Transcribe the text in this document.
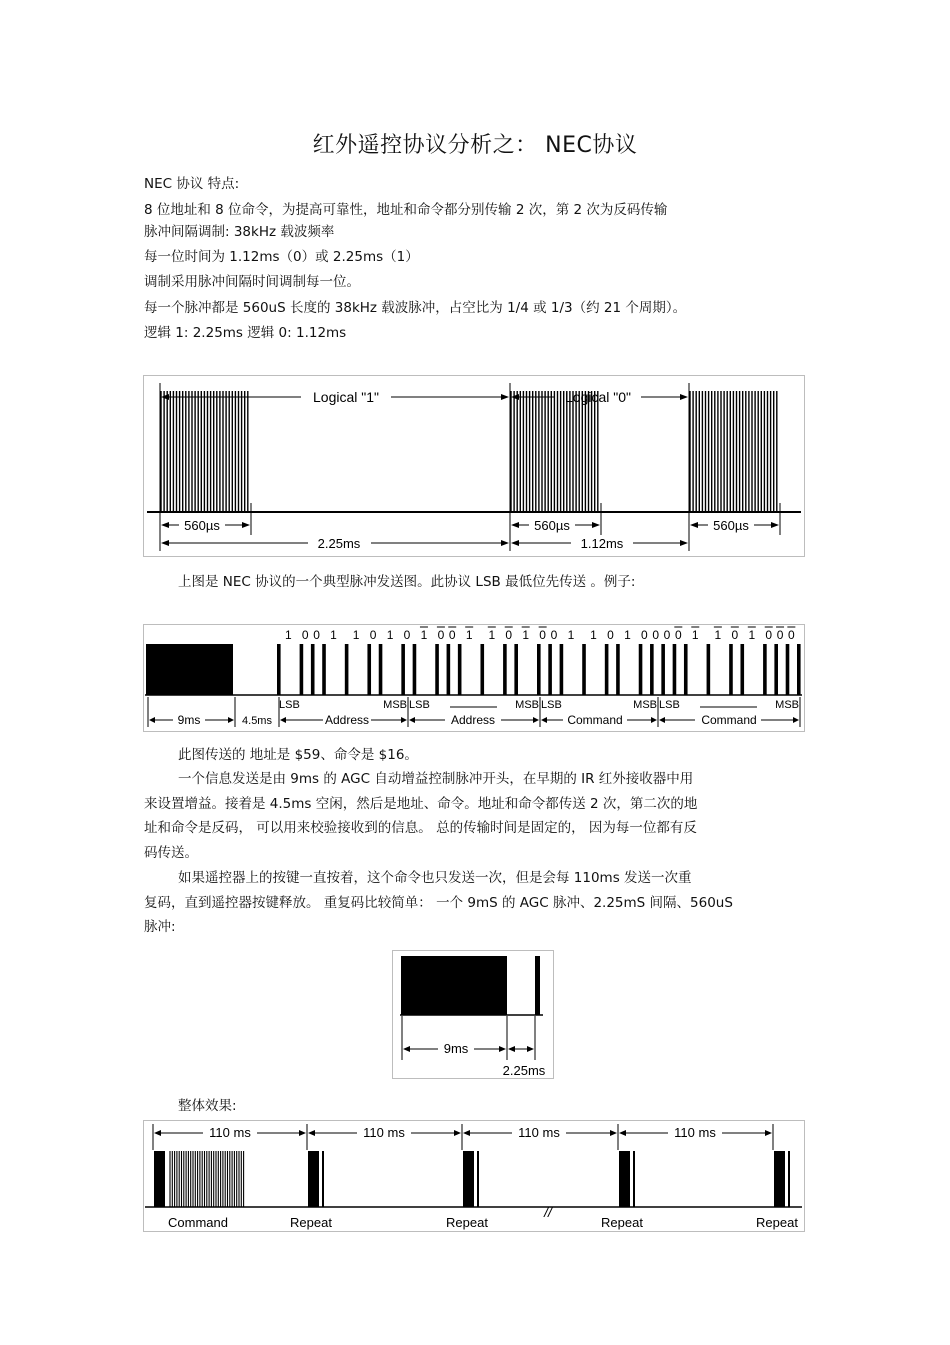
红外遥控协议分析之： NEC协议
NEC 协议 特点:
8 位地址和 8 位命令，为提高可靠性，地址和命令都分别传输 2 次，第 2 次为反码传输
脉冲间隔调制: 38kHz 载波频率
每一位时间为 1.12ms（0）或 2.25ms（1）
调制采用脉冲间隔时间调制每一位。
每一个脉冲都是 560uS 长度的 38kHz 载波脉冲，占空比为 1/4 或 1/3（约 21 个周期）。
逻辑 1: 2.25ms 逻辑 0: 1.12ms
Logical "1"	Logical "0"
560µs	560µs	560µs
2.25ms	1.12ms
上图是 NEC 协议的一个典型脉冲发送图。此协议 LSB 最低位先传送 。例子:
1 0 0 1 1 0 1 0 1 0 0 1 1 0 1 0 0 1 1 0 1 0 0 0 0 1 1 0 1 0 0 0
9ms	4.5ms	Address	Address	Command	Command
LSB	MSB LSB	MSB LSB	MSB LSB	MSB
此图传送的 地址是 $59、命令是 $16。
一个信息发送是由 9ms 的 AGC 自动增益控制脉冲开头，在早期的 IR 红外接收器中用
来设置增益。接着是 4.5ms 空闲，然后是地址、命令。地址和命令都传送 2 次，第二次的地
址和命令是反码， 可以用来校验接收到的信息。 总的传输时间是固定的， 因为每一位都有反
码传送。
如果遥控器上的按键一直按着，这个命令也只发送一次，但是会每 110ms 发送一次重
复码，直到遥控器按键释放。 重复码比较简单： 一个 9mS 的 AGC 脉冲、2.25mS 间隔、560uS
脉冲:
9ms
2.25ms
整体效果:
110 ms	110 ms	110 ms	110 ms
Command	Repeat	Repeat	Repeat	Repeat
//
